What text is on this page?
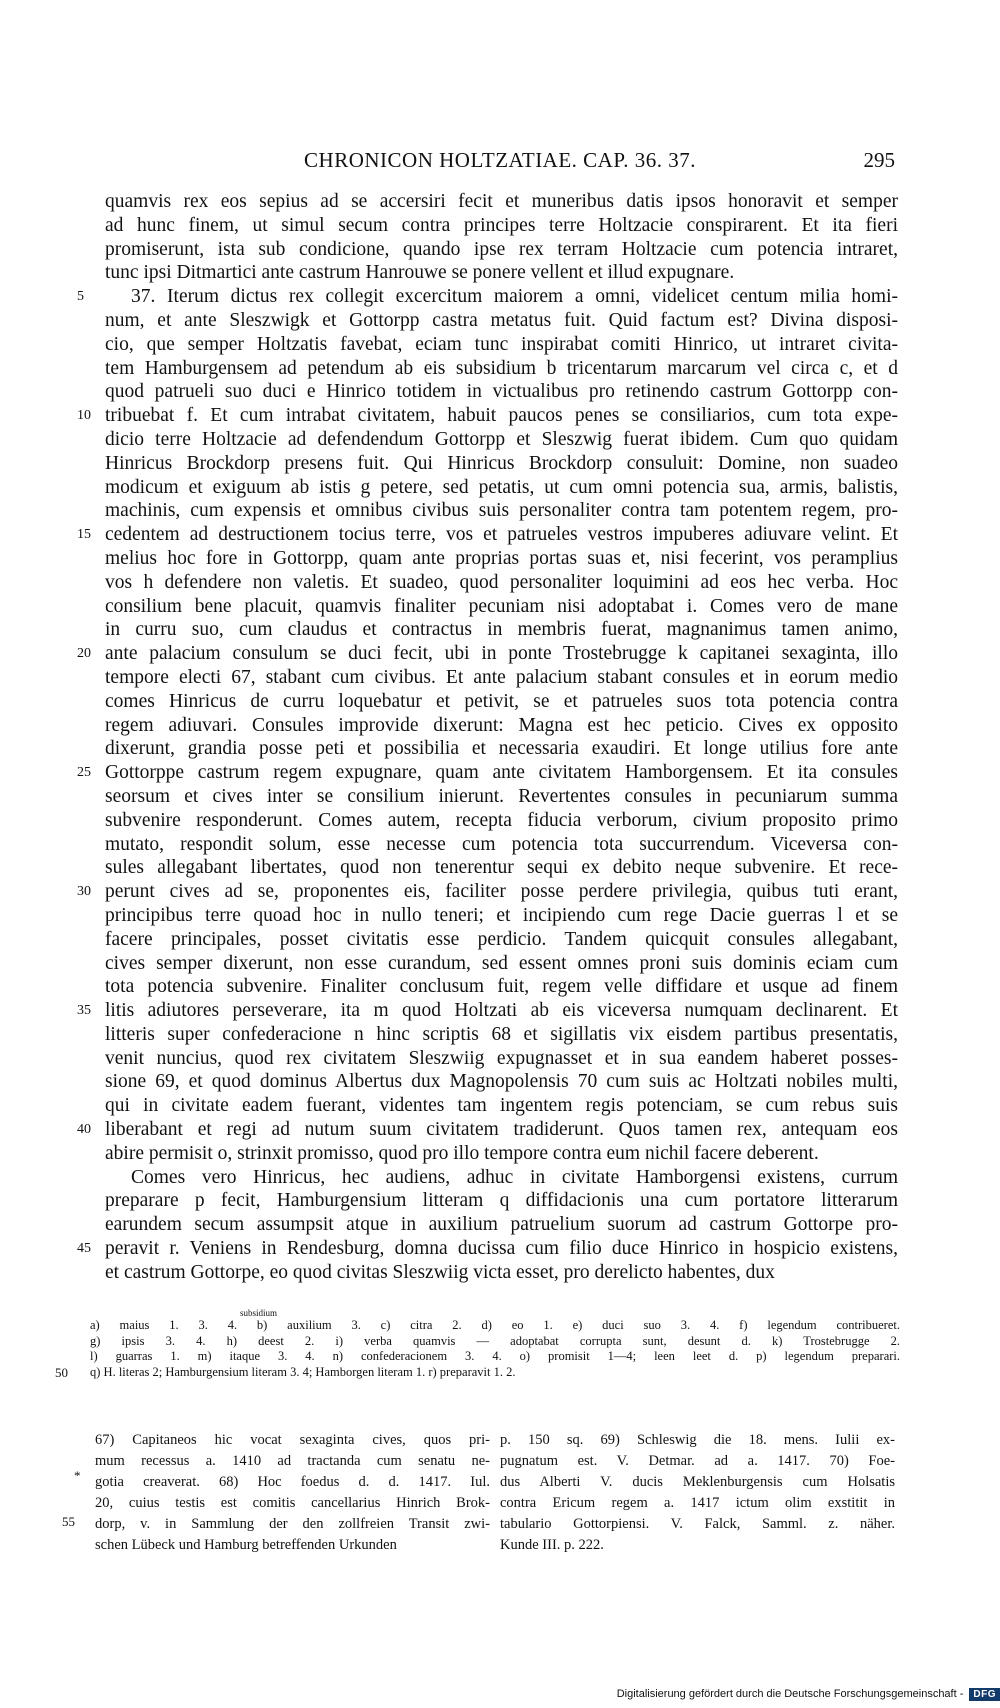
CHRONICON HOLTZATIAE. CAP. 36. 37.	295
quamvis rex eos sepius ad se accersiri fecit et muneribus datis ipsos honoravit et semper
ad hunc finem, ut simul secum contra principes terre Holtzacie conspirarent. Et ita fieri
promiserunt, ista sub condicione, quando ipse rex terram Holtzacie cum potencia intraret,
tunc ipsi Ditmartici ante castrum Hanrouwe se ponere vellent et illud expugnare.
5	37. Iterum dictus rex collegit excercitum maiorem a omni, videlicet centum milia homi-
num, et ante Sleszwigk et Gottorpp castra metatus fuit. Quid factum est? Divina disposi-
cio, que semper Holtzatis favebat, eciam tunc inspirabat comiti Hinrico, ut intraret civita-
tem Hamburgensem ad petendum ab eis subsidium b tricentarum marcarum vel circa c, et d
quod patrueli suo duci e Hinrico totidem in victualibus pro retinendo castrum Gottorpp con-
10 tribuebat f. Et cum intrabat civitatem, habuit paucos penes se consiliarios, cum tota expe-
dicio terre Holtzacie ad defendendum Gottorpp et Sleszwig fuerat ibidem. Cum quo quidam
Hinricus Brockdorp presens fuit. Qui Hinricus Brockdorp consuluit: Domine, non suadeo
modicum et exiguum ab istis g petere, sed petatis, ut cum omni potencia sua, armis, balistis,
machinis, cum expensis et omnibus civibus suis personaliter contra tam potentem regem, pro-
15 cedentem ad destructionem tocius terre, vos et patrueles vestros impuberes adiuvare velint. Et
melius hoc fore in Gottorpp, quam ante proprias portas suas et, nisi fecerint, vos peramplius
vos h defendere non valetis. Et suadeo, quod personaliter loquimini ad eos hec verba. Hoc
consilium bene placuit, quamvis finaliter pecuniam nisi adoptabat i. Comes vero de mane
in curru suo, cum claudus et contractus in membris fuerat, magnanimus tamen animo,
20 ante palacium consulum se duci fecit, ubi in ponte Trostebrugge k capitanei sexaginta, illo
tempore electi 67, stabant cum civibus. Et ante palacium stabant consules et in eorum medio
comes Hinricus de curru loquebatur et petivit, se et patrueles suos tota potencia contra
regem adiuvari. Consules improvide dixerunt: Magna est hec peticio. Cives ex opposito
dixerunt, grandia posse peti et possibilia et necessaria exaudiri. Et longe utilius fore ante
25 Gottorppe castrum regem expugnare, quam ante civitatem Hamborgensem. Et ita consules
seorsum et cives inter se consilium inierunt. Revertentes consules in pecuniarum summa
subvenire responderunt. Comes autem, recepta fiducia verborum, civium proposito primo
mutato, respondit solum, esse necesse cum potencia tota succurrendum. Viceversa con-
sules allegabant libertates, quod non tenerentur sequi ex debito neque subvenire. Et rece-
30 perunt cives ad se, proponentes eis, faciliter posse perdere privilegia, quibus tuti erant,
principibus terre quoad hoc in nullo teneri; et incipiendo cum rege Dacie guerras l et se
facere principales, posset civitatis esse perdicio. Tandem quicquit consules allegabant,
cives semper dixerunt, non esse curandum, sed essent omnes proni suis dominis eciam cum
tota potencia subvenire. Finaliter conclusum fuit, regem velle diffidare et usque ad finem
35 litis adiutores perseverare, ita m quod Holtzati ab eis viceversa numquam declinarent. Et
litteris super confederacione n hinc scriptis 68 et sigillatis vix eisdem partibus presentatis,
venit nuncius, quod rex civitatem Sleszwiig expugnasset et in sua eandem haberet posses-
sione 69, et quod dominus Albertus dux Magnopolensis 70 cum suis ac Holtzati nobiles multi,
qui in civitate eadem fuerant, videntes tam ingentem regis potenciam, se cum rebus suis
40 liberabant et regi ad nutum suum civitatem tradiderunt. Quos tamen rex, antequam eos
abire permisit o, strinxit promisso, quod pro illo tempore contra eum nichil facere deberent.
Comes vero Hinricus, hec audiens, adhuc in civitate Hamborgensi existens, currum
preparare p fecit, Hamburgensium litteram q diffidacionis una cum portatore litterarum
earundem secum assumpsit atque in auxilium patruelium suorum ad castrum Gottorpe pro-
45 peravit r. Veniens in Rendesburg, domna ducissa cum filio duce Hinrico in hospicio existens,
et castrum Gottorpe, eo quod civitas Sleszwiig victa esset, pro derelicto habentes, dux
subsidium
a) maius 1. 3. 4. b) auxilium 3. c) citra 2. d) eo 1. e) duci suo 3. 4. f) legendum contribueret.
g) ipsis 3. 4. h) deest 2. i) verba quamvis — adoptabat corrupta sunt, desunt d. k) Trostebrugge 2.
l) guarras 1. m) itaque 3. 4. n) confederacionem 3. 4. o) promisit 1—4; leen leet d. p) legendum preparari.
50	q) H. literas 2; Hamburgensium literam 3. 4; Hamborgen literam 1. r) preparavit 1. 2.
67) Capitaneos hic vocat sexaginta cives, quos pri-
mum recessus a. 1410 ad tractanda cum senatu ne-
gotia creaverat. 68) Hoc foedus d. d. 1417. Iul.
20, cuius testis est comitis cancellarius Hinrich Brok-
dorp, v. in Sammlung der den zollfreien Transit zwi-
schen Lübeck und Hamburg betreffenden Urkunden
p. 150 sq. 69) Schleswig die 18. mens. Iulii ex-
pugnatum est. V. Detmar. ad a. 1417. 70) Foe-
dus Alberti V. ducis Meklenburgensis cum Holsatis
contra Ericum regem a. 1417 ictum olim exstitit in
tabulario Gottorpiensi. V. Falck, Samml. z. näher.
Kunde III. p. 222.
*
55
Digitalisierung gefördert durch die Deutsche Forschungsgemeinschaft -	DFG
